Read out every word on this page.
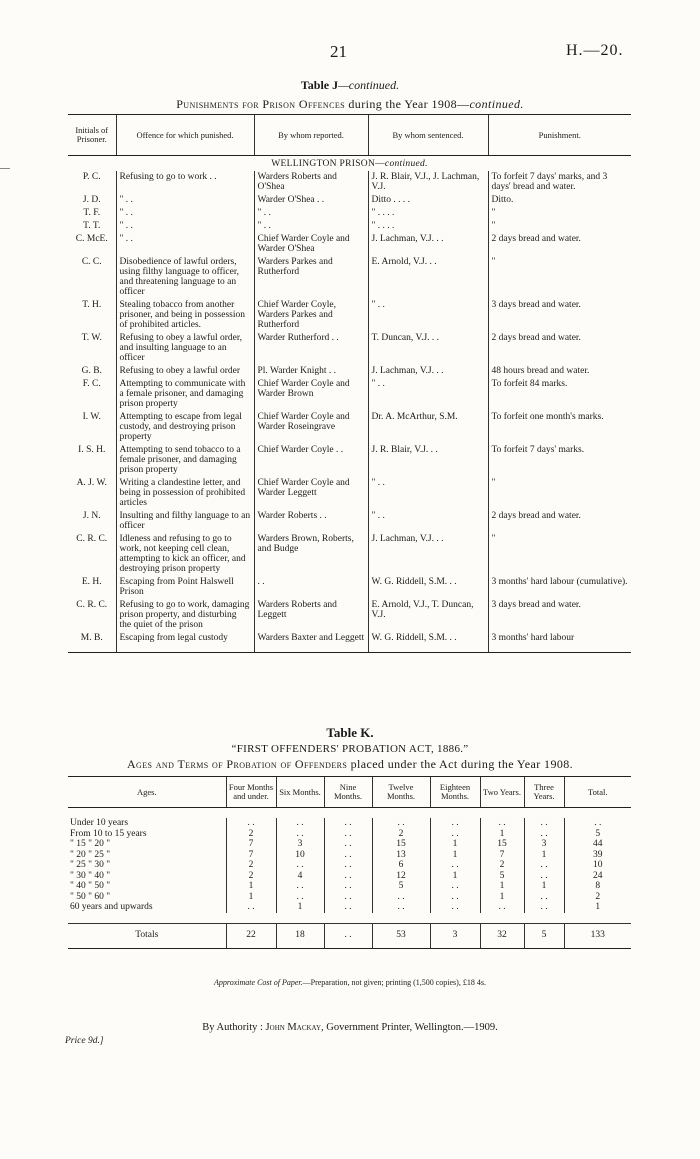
21	H.—20.
Table J—continued.
Punishments for Prison Offences during the Year 1908—continued.
Initials of Prisoner.	Offence for which punished.	By whom reported.	By whom sentenced.	Punishment.
WELLINGTON PRISON—continued.				
P. C.	Refusing to go to work . .	Warders Roberts and O'Shea	J. R. Blair, V.J., J. Lachman, V.J.	To forfeit 7 days' marks, and 3 days' bread and water.
J. D.	" . .	Warder O'Shea . .	Ditto . . . .	Ditto.
T. F.	" . .	" . .	" . . . .	"
T. T.	" . .	" . .	" . . . .	"
C. McE.	" . .	Chief Warder Coyle and Warder O'Shea	J. Lachman, V.J. . .	2 days bread and water.
C. C.	Disobedience of lawful orders, using filthy language to officer, and threatening language to an officer	Warders Parkes and Rutherford	E. Arnold, V.J. . .	"
T. H.	Stealing tobacco from another prisoner, and being in possession of prohibited articles.	Chief Warder Coyle, Warders Parkes and Rutherford	" . .	3 days bread and water.
T. W.	Refusing to obey a lawful order, and insulting language to an officer	Warder Rutherford . .	T. Duncan, V.J. . .	2 days bread and water.
G. B.	Refusing to obey a lawful order	Pl. Warder Knight . .	J. Lachman, V.J. . .	48 hours bread and water.
F. C.	Attempting to communicate with a female prisoner, and damaging prison property	Chief Warder Coyle and Warder Brown	" . .	To forfeit 84 marks.
I. W.	Attempting to escape from legal custody, and destroying prison property	Chief Warder Coyle and Warder Roseingrave	Dr. A. McArthur, S.M.	To forfeit one month's marks.
I. S. H.	Attempting to send tobacco to a female prisoner, and damaging prison property	Chief Warder Coyle . .	J. R. Blair, V.J. . .	To forfeit 7 days' marks.
A. J. W.	Writing a clandestine letter, and being in possession of prohibited articles	Chief Warder Coyle and Warder Leggett	" . .	"
J. N.	Insulting and filthy language to an officer	Warder Roberts . .	" . .	2 days bread and water.
C. R. C.	Idleness and refusing to go to work, not keeping cell clean, attempting to kick an officer, and destroying prison property	Warders Brown, Roberts, and Budge	J. Lachman, V.J. . .	"
E. H.	Escaping from Point Halswell Prison	. .	W. G. Riddell, S.M. . .	3 months' hard labour (cumulative).
C. R. C.	Refusing to go to work, damaging prison property, and disturbing the quiet of the prison	Warders Roberts and Leggett	E. Arnold, V.J., T. Duncan, V.J.	3 days bread and water.
M. B.	Escaping from legal custody	Warders Baxter and Leggett	W. G. Riddell, S.M. . .	3 months' hard labour
Table K.
“FIRST OFFENDERS' PROBATION ACT, 1886.”
Ages and Terms of Probation of Offenders placed under the Act during the Year 1908.
Ages.	Four Months and under.	Six Months.	Nine Months.	Twelve Months.	Eighteen Months.	Two Years.	Three Years.	Total.

Under 10 years	. .	. .	. .	. .	. .	. .	. .	. .
From 10 to 15 years	2	. .	. .	2	. .	1	. .	5
" 15 " 20 "	7	3	. .	15	1	15	3	44
" 20 " 25 "	7	10	. .	13	1	7	1	39
" 25 " 30 "	2	. .	. .	6	. .	2	. .	10
" 30 " 40 "	2	4	. .	12	1	5	. .	24
" 40 " 50 "	1	. .	. .	5	. .	1	1	8
" 50 " 60 "	1	. .	. .	. .	. .	1	. .	2
60 years and upwards	. .	1	. .	. .	. .	. .	. .	1

Totals	22	18	. .	53	3	32	5	133
Approximate Cost of Paper.—Preparation, not given; printing (1,500 copies), £18 4s.
By Authority : John Mackay, Government Printer, Wellington.—1909.
Price 9d.]
